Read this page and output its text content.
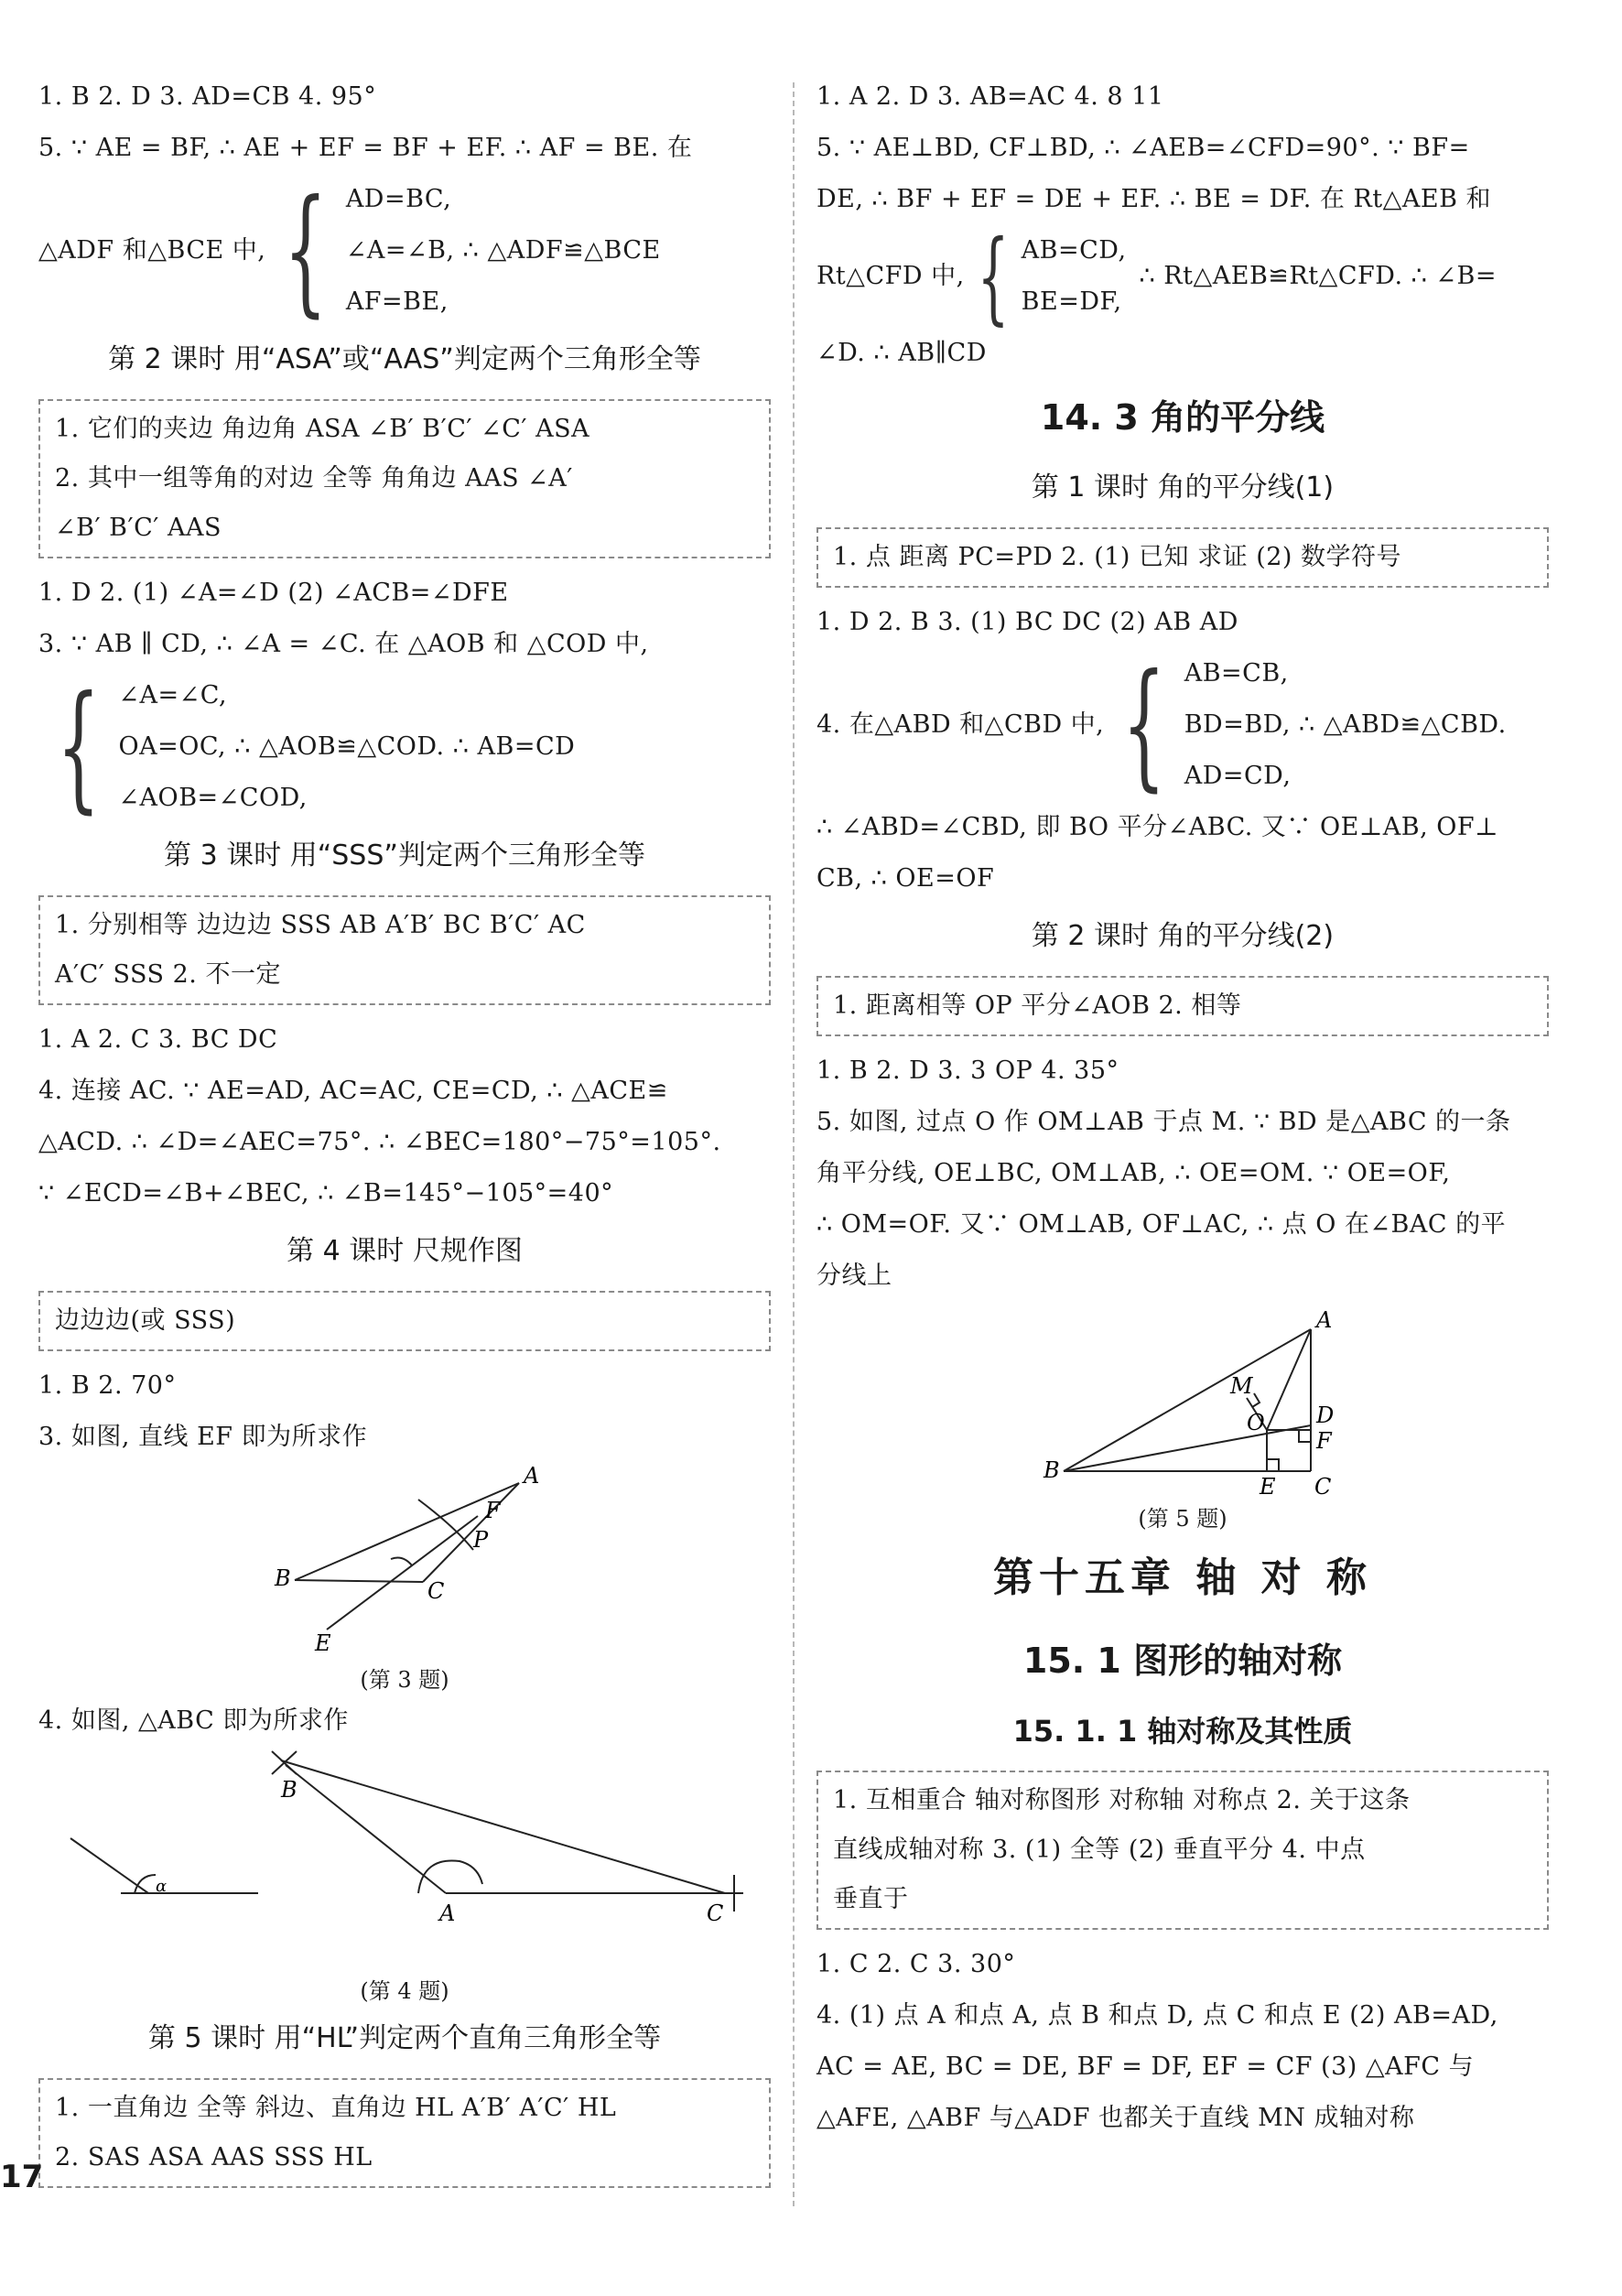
1. B 2. D 3. AD=CB 4. 95°
5. ∵ AE = BF, ∴ AE + EF = BF + EF. ∴ AF = BE. 在
△ADF 和△BCE 中, { AD=BC,
∠A=∠B, ∴ △ADF≌△BCE
AF=BE,
第 2 课时 用“ASA”或“AAS”判定两个三角形全等
1. 它们的夹边 角边角 ASA ∠B′ B′C′ ∠C′ ASA
2. 其中一组等角的对边 全等 角角边 AAS ∠A′
∠B′ B′C′ AAS
1. D 2. (1) ∠A=∠D (2) ∠ACB=∠DFE
3. ∵ AB ∥ CD, ∴ ∠A = ∠C. 在 △AOB 和 △COD 中,
{ ∠A=∠C,
OA=OC, ∴ △AOB≌△COD. ∴ AB=CD
∠AOB=∠COD,
第 3 课时 用“SSS”判定两个三角形全等
1. 分别相等 边边边 SSS AB A′B′ BC B′C′ AC
A′C′ SSS 2. 不一定
1. A 2. C 3. BC DC
4. 连接 AC. ∵ AE=AD, AC=AC, CE=CD, ∴ △ACE≌
△ACD. ∴ ∠D=∠AEC=75°. ∴ ∠BEC=180°−75°=105°.
∵ ∠ECD=∠B+∠BEC, ∴ ∠B=145°−105°=40°
第 4 课时 尺规作图
边边边(或 SSS)
1. B 2. 70°
3. 如图, 直线 EF 即为所求作
A
F
P
B	C
E
(第 3 题)
4. 如图, △ABC 即为所求作
α
B
A	C
(第 4 题)
第 5 课时 用“HL”判定两个直角三角形全等
1. 一直角边 全等 斜边、直角边 HL A′B′ A′C′ HL
2. SAS ASA AAS SSS HL
1. A 2. D 3. AB=AC 4. 8 11
5. ∵ AE⊥BD, CF⊥BD, ∴ ∠AEB=∠CFD=90°. ∵ BF=
DE, ∴ BF + EF = DE + EF. ∴ BE = DF. 在 Rt△AEB 和
Rt△CFD 中, { AB=CD,
BE=DF,
∴ Rt△AEB≌Rt△CFD. ∴ ∠B=
∠D. ∴ AB∥CD
14. 3 角的平分线
第 1 课时 角的平分线(1)
1. 点 距离 PC=PD 2. (1) 已知 求证 (2) 数学符号
1. D 2. B 3. (1) BC DC (2) AB AD
4. 在△ABD 和△CBD 中, { AB=CB,
BD=BD, ∴ △ABD≌△CBD.
AD=CD,
∴ ∠ABD=∠CBD, 即 BO 平分∠ABC. 又∵ OE⊥AB, OF⊥
CB, ∴ OE=OF
第 2 课时 角的平分线(2)
1. 距离相等 OP 平分∠AOB 2. 相等
1. B 2. D 3. 3 OP 4. 35°
5. 如图, 过点 O 作 OM⊥AB 于点 M. ∵ BD 是△ABC 的一条
角平分线, OE⊥BC, OM⊥AB, ∴ OE=OM. ∵ OE=OF,
∴ OM=OF. 又∵ OM⊥AB, OF⊥AC, ∴ 点 O 在∠BAC 的平
分线上
A
M
O D
F
B
E C
(第 5 题)
第十五章 轴 对 称
15. 1 图形的轴对称
15. 1. 1 轴对称及其性质
1. 互相重合 轴对称图形 对称轴 对称点 2. 关于这条
直线成轴对称 3. (1) 全等 (2) 垂直平分 4. 中点
垂直于
1. C 2. C 3. 30°
4. (1) 点 A 和点 A, 点 B 和点 D, 点 C 和点 E (2) AB=AD,
AC = AE, BC = DE, BF = DF, EF = CF (3) △AFC 与
△AFE, △ABF 与△ADF 也都关于直线 MN 成轴对称
17
